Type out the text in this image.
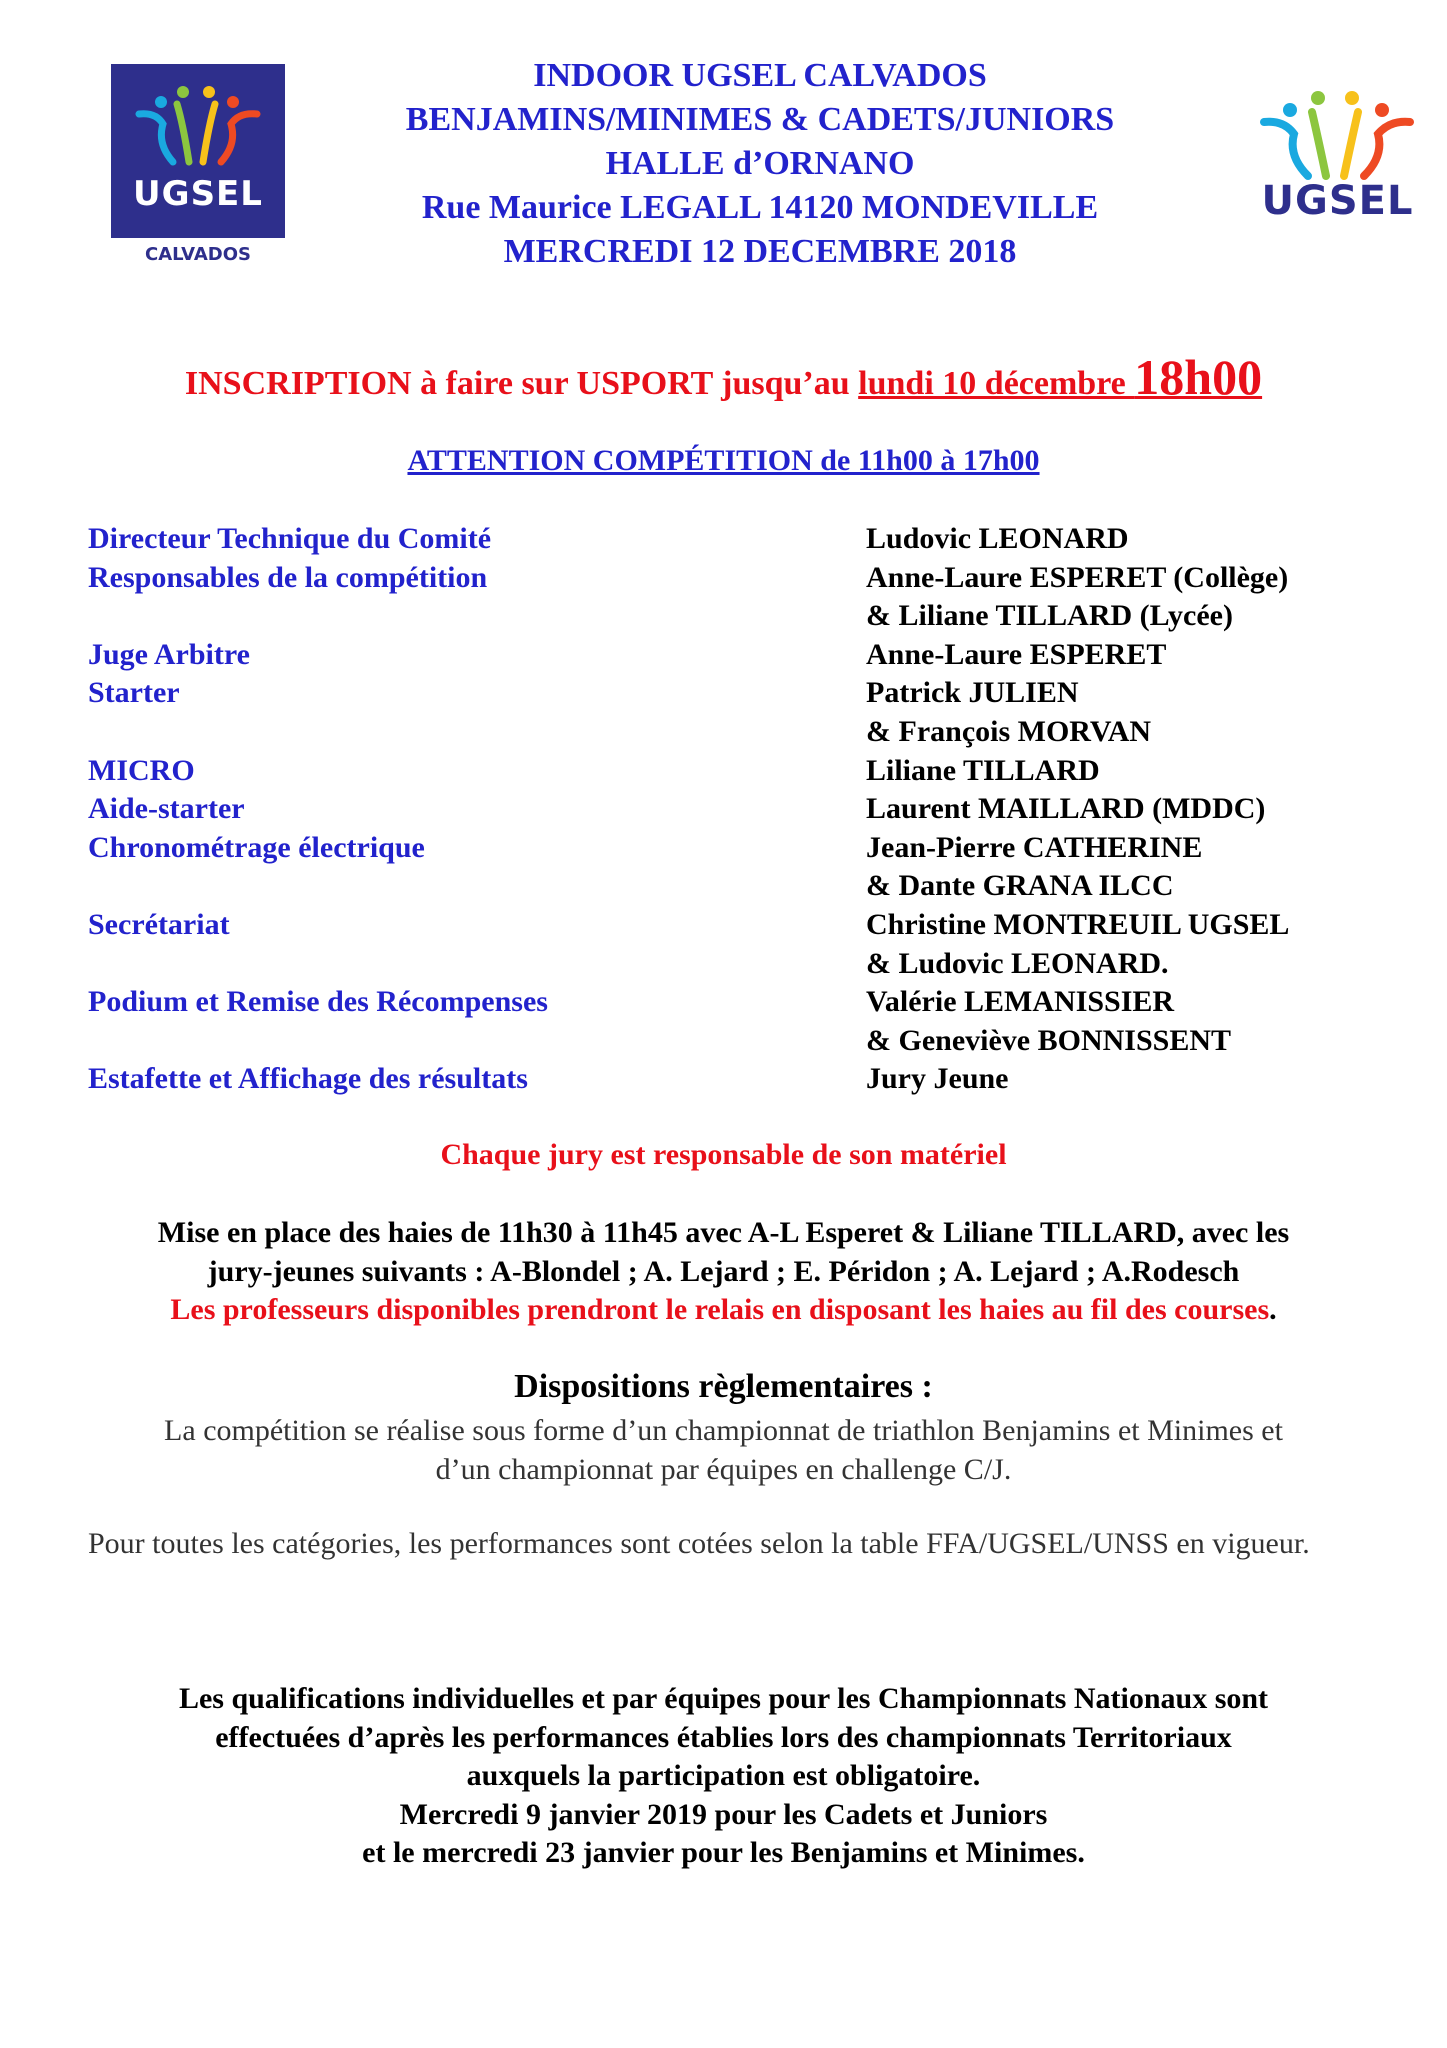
UGSEL
CALVADOS
UGSEL
INDOOR UGSEL CALVADOS
BENJAMINS/MINIMES & CADETS/JUNIORS
HALLE d’ORNANO
Rue Maurice LEGALL 14120 MONDEVILLE
MERCREDI 12 DECEMBRE 2018
INSCRIPTION à faire sur USPORT jusqu’au lundi 10 décembre 18h00
ATTENTION COMPÉTITION de 11h00 à 17h00
Directeur Technique du Comité
Responsables de la compétition
Juge Arbitre
Starter
MICRO
Aide-starter
Chronométrage électrique
Secrétariat
Podium et Remise des Récompenses
Estafette et Affichage des résultats
Ludovic LEONARD
Anne-Laure ESPERET (Collège)
& Liliane TILLARD (Lycée)
Anne-Laure ESPERET
Patrick JULIEN
& François MORVAN
Liliane TILLARD
Laurent MAILLARD (MDDC)
Jean-Pierre CATHERINE
& Dante GRANA ILCC
Christine MONTREUIL UGSEL
& Ludovic LEONARD.
Valérie LEMANISSIER
& Geneviève BONNISSENT
Jury Jeune
Chaque jury est responsable de son matériel
Mise en place des haies de 11h30 à 11h45 avec A-L Esperet & Liliane TILLARD, avec les
jury-jeunes suivants : A-Blondel ; A. Lejard ; E. Péridon ; A. Lejard ; A.Rodesch
Les professeurs disponibles prendront le relais en disposant les haies au fil des courses.
Dispositions règlementaires :
La compétition se réalise sous forme d’un championnat de triathlon Benjamins et Minimes et
d’un championnat par équipes en challenge C/J.
Pour toutes les catégories, les performances sont cotées selon la table FFA/UGSEL/UNSS en vigueur.
Les qualifications individuelles et par équipes pour les Championnats Nationaux sont
effectuées d’après les performances établies lors des championnats Territoriaux
auxquels la participation est obligatoire.
Mercredi 9 janvier 2019 pour les Cadets et Juniors
et le mercredi 23 janvier pour les Benjamins et Minimes.
